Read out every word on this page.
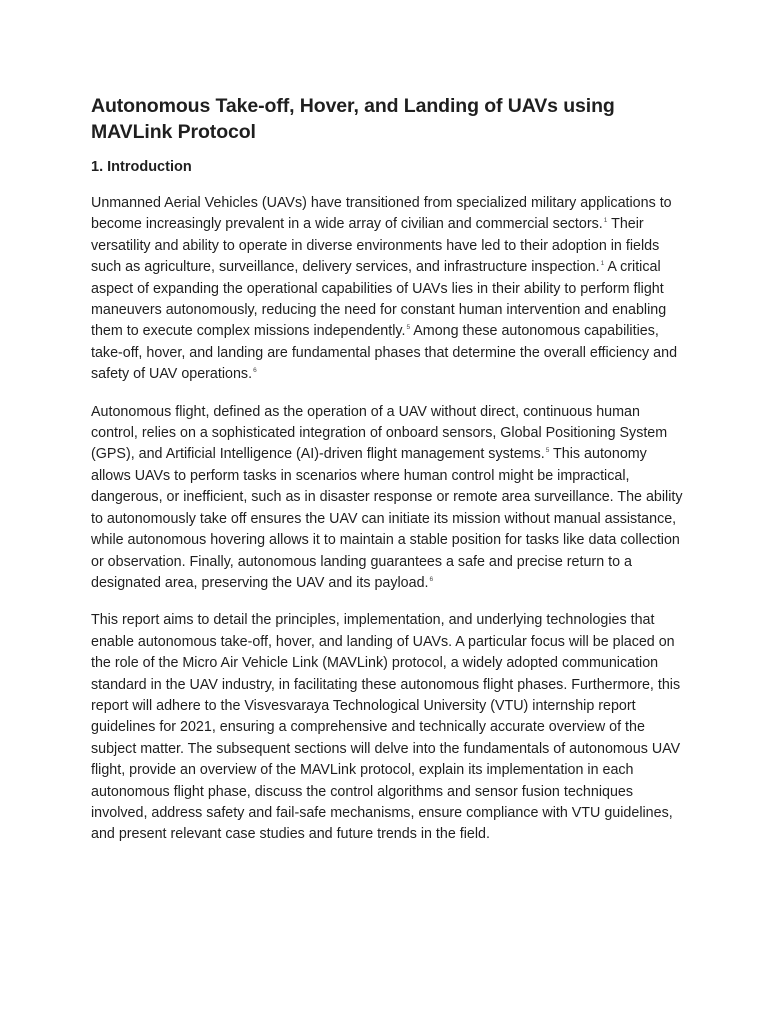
Autonomous Take-off, Hover, and Landing of UAVs using MAVLink Protocol
1. Introduction

Unmanned Aerial Vehicles (UAVs) have transitioned from specialized military applications to become increasingly prevalent in a wide array of civilian and commercial sectors.$^1$ Their versatility and ability to operate in diverse environments have led to their adoption in fields such as agriculture, surveillance, delivery services, and infrastructure inspection.$^1$ A critical aspect of expanding the operational capabilities of UAVs lies in their ability to perform flight maneuvers autonomously, reducing the need for constant human intervention and enabling them to execute complex missions independently.$^5$ Among these autonomous capabilities, take-off, hover, and landing are fundamental phases that determine the overall efficiency and safety of UAV operations.$^6$

Autonomous flight, defined as the operation of a UAV without direct, continuous human control, relies on a sophisticated integration of onboard sensors, Global Positioning System (GPS), and Artificial Intelligence (AI)-driven flight management systems.$^5$ This autonomy allows UAVs to perform tasks in scenarios where human control might be impractical, dangerous, or inefficient, such as in disaster response or remote area surveillance. The ability to autonomously take off ensures the UAV can initiate its mission without manual assistance, while autonomous hovering allows it to maintain a stable position for tasks like data collection or observation. Finally, autonomous landing guarantees a safe and precise return to a designated area, preserving the UAV and its payload.$^6$

This report aims to detail the principles, implementation, and underlying technologies that enable autonomous take-off, hover, and landing of UAVs. A particular focus will be placed on the role of the Micro Air Vehicle Link (MAVLink) protocol, a widely adopted communication standard in the UAV industry, in facilitating these autonomous flight phases. Furthermore, this report will adhere to the Visvesvaraya Technological University (VTU) internship report guidelines for 2021, ensuring a comprehensive and technically accurate overview of the subject matter. The subsequent sections will delve into the fundamentals of autonomous UAV flight, provide an overview of the MAVLink protocol, explain its implementation in each autonomous flight phase, discuss the control algorithms and sensor fusion techniques involved, address safety and fail-safe mechanisms, ensure compliance with VTU guidelines, and present relevant case studies and future trends in the field.
